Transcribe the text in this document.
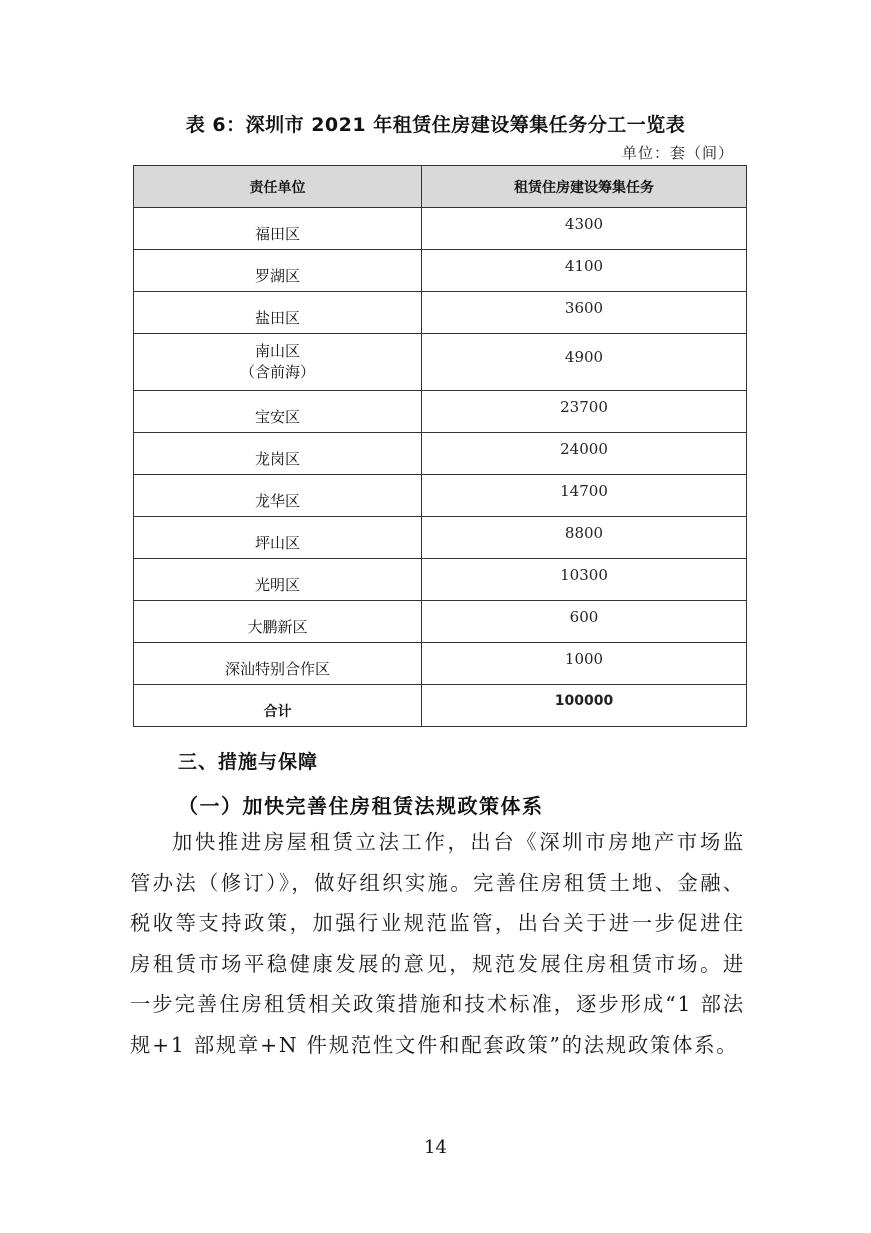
表 6：深圳市 2021 年租赁住房建设筹集任务分工一览表
单位：套（间）
责任单位	租赁住房建设筹集任务
福田区	4300
罗湖区	4100
盐田区	3600

南山区
（含前海）	4900
宝安区	23700
龙岗区	24000
龙华区	14700
坪山区	8800
光明区	10300
大鹏新区	600
深汕特别合作区	1000
合计	100000
三、措施与保障
（一）加快完善住房租赁法规政策体系

加快推进房屋租赁立法工作，出台《深圳市房地产市场监管办法（修订）》，做好组织实施。完善住房租赁土地、金融、税收等支持政策，加强行业规范监管，出台关于进一步促进住房租赁市场平稳健康发展的意见，规范发展住房租赁市场。进一步完善住房租赁相关政策措施和技术标准，逐步形成“1 部法规+1 部规章+N 件规范性文件和配套政策”的法规政策体系。

14
